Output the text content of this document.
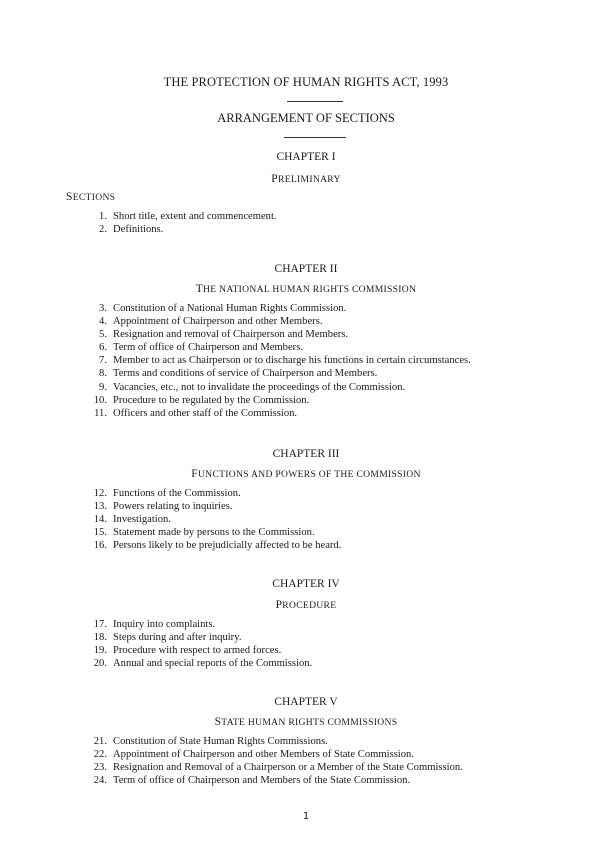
THE PROTECTION OF HUMAN RIGHTS ACT, 1993
ARRANGEMENT OF SECTIONS
CHAPTER I
PRELIMINARY
SECTIONS
1. Short title, extent and commencement.
2. Definitions.
CHAPTER II
THE NATIONAL HUMAN RIGHTS COMMISSION
3. Constitution of a National Human Rights Commission.
4. Appointment of Chairperson and other Members.
5. Resignation and removal of Chairperson and Members.
6. Term of office of Chairperson and Members.
7. Member to act as Chairperson or to discharge his functions in certain circumstances.
8. Terms and conditions of service of Chairperson and Members.
9. Vacancies, etc., not to invalidate the proceedings of the Commission.
10. Procedure to be regulated by the Commission.
11. Officers and other staff of the Commission.
CHAPTER III
FUNCTIONS AND POWERS OF THE COMMISSION
12. Functions of the Commission.
13. Powers relating to inquiries.
14. Investigation.
15. Statement made by persons to the Commission.
16. Persons likely to be prejudicially affected to be heard.
CHAPTER IV
PROCEDURE
17. Inquiry into complaints.
18. Steps during and after inquiry.
19. Procedure with respect to armed forces.
20. Annual and special reports of the Commission.
CHAPTER V
STATE HUMAN RIGHTS COMMISSIONS
21. Constitution of State Human Rights Commissions.
22. Appointment of Chairperson and other Members of State Commission.
23. Resignation and Removal of a Chairperson or a Member of the State Commission.
24. Term of office of Chairperson and Members of the State Commission.
1
